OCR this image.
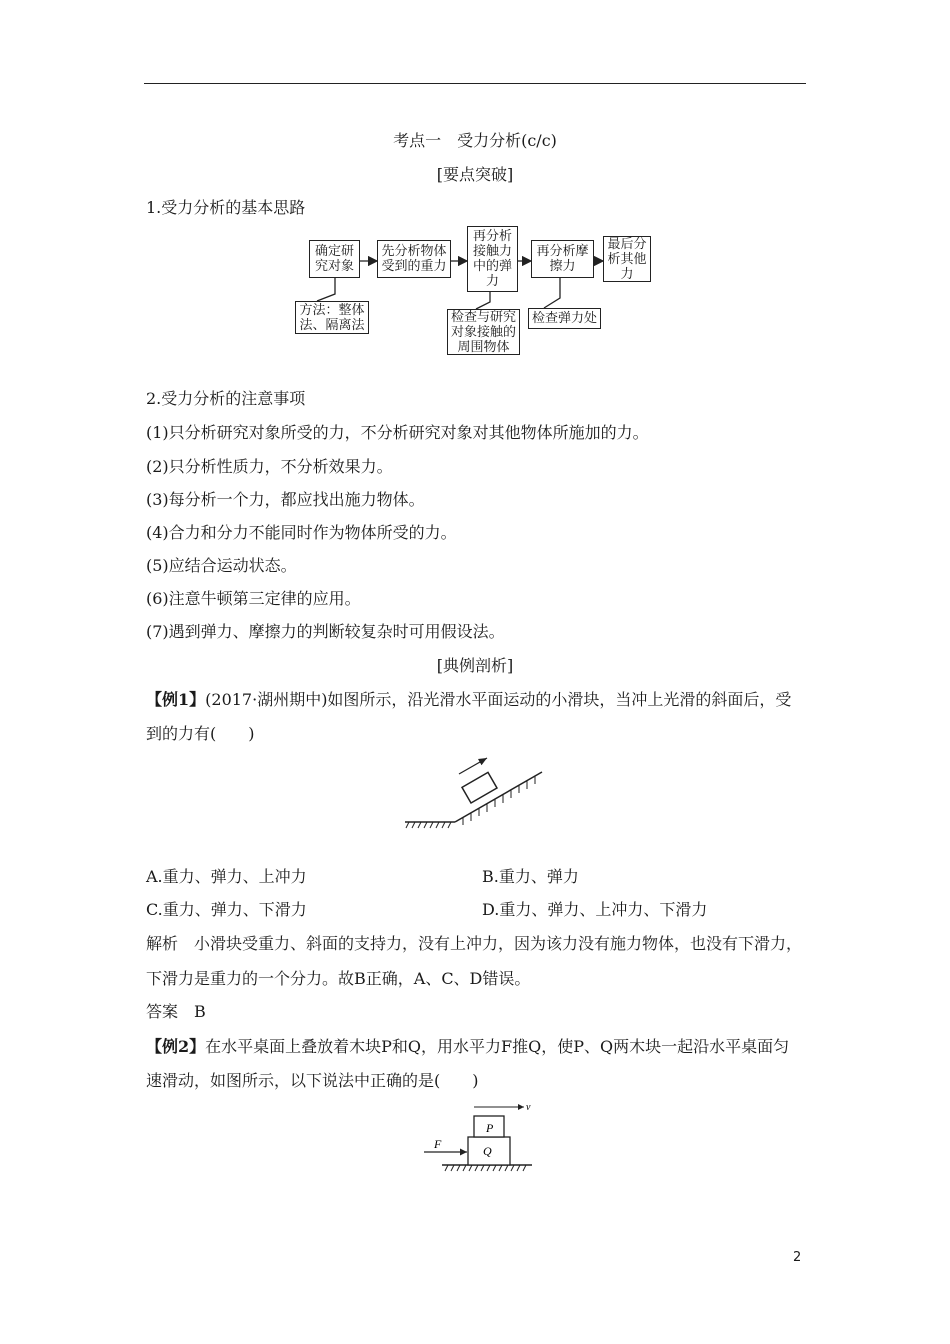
考点一　受力分析(c/c)
[要点突破]
1.受力分析的基本思路
确定研究对象
先分析物体受到的重力
再分析接触力中的弹力
再分析摩擦力
最后分析其他力
方法：整体法、隔离法
检查与研究对象接触的周围物体
检查弹力处
2.受力分析的注意事项
(1)只分析研究对象所受的力，不分析研究对象对其他物体所施加的力。
(2)只分析性质力，不分析效果力。
(3)每分析一个力，都应找出施力物体。
(4)合力和分力不能同时作为物体所受的力。
(5)应结合运动状态。
(6)注意牛顿第三定律的应用。
(7)遇到弹力、摩擦力的判断较复杂时可用假设法。
[典例剖析]
【例1】(2017·湖州期中)如图所示，沿光滑水平面运动的小滑块，当冲上光滑的斜面后，受
到的力有(　　)
A.重力、弹力、上冲力	B.重力、弹力
C.重力、弹力、下滑力	D.重力、弹力、上冲力、下滑力
解析　小滑块受重力、斜面的支持力，没有上冲力，因为该力没有施力物体，也没有下滑力，
下滑力是重力的一个分力。故B正确，A、C、D错误。
答案　B
【例2】在水平桌面上叠放着木块P和Q，用水平力F推Q，使P、Q两木块一起沿水平桌面匀
速滑动，如图所示，以下说法中正确的是(　　)
P
Q
F
v
2
